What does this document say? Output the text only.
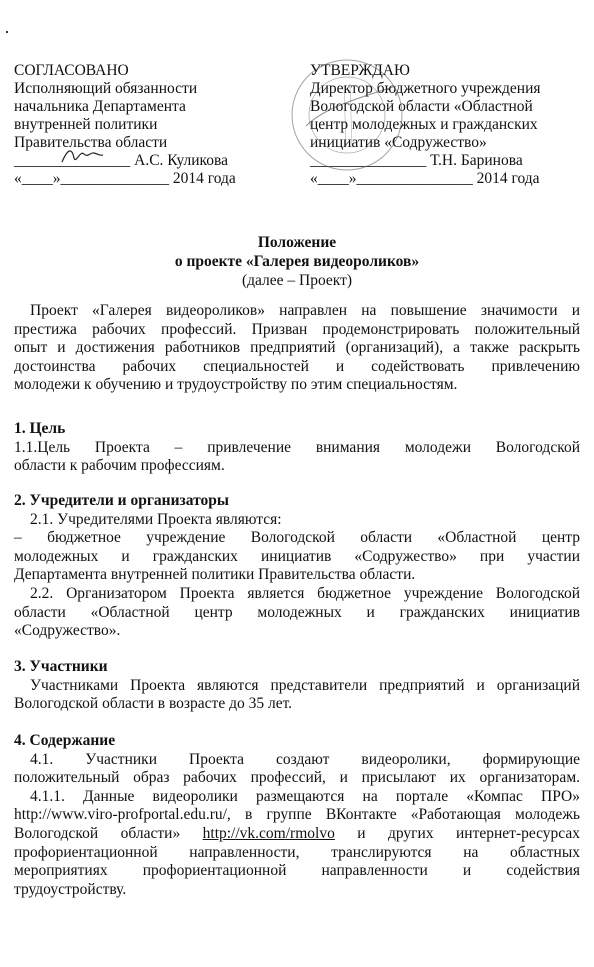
СОГЛАСОВАНО
Исполняющий обязанности
начальника Департамента
внутренней политики
Правительства области
_______________ А.С. Куликова
«____»______________ 2014 года
УТВЕРЖДАЮ
Директор бюджетного учреждения
Вологодской области «Областной
центр молодежных и гражданских
инициатив «Содружество»
_______________ Т.Н. Баринова
«____»_______________ 2014 года
Положение
о проекте «Галерея видеороликов»
(далее – Проект)
Проект «Галерея видеороликов» направлен на повышение значимости и
престижа рабочих профессий. Призван продемонстрировать положительный
опыт и достижения работников предприятий (организаций), а также раскрыть
достоинства рабочих специальностей и содействовать привлечению
молодежи к обучению и трудоустройству по этим специальностям.
1. Цель
1.1.Цель Проекта – привлечение внимания молодежи Вологодской
области к рабочим профессиям.
2. Учредители и организаторы
2.1. Учредителями Проекта являются:
– бюджетное учреждение Вологодской области «Областной центр
молодежных и гражданских инициатив «Содружество» при участии
Департамента внутренней политики Правительства области.
2.2. Организатором Проекта является бюджетное учреждение Вологодской
области «Областной центр молодежных и гражданских инициатив
«Содружество».
3. Участники
Участниками Проекта являются представители предприятий и организаций
Вологодской области в возрасте до 35 лет.
4. Содержание
4.1. Участники Проекта создают видеоролики, формирующие
положительный образ рабочих профессий, и присылают их организаторам.
4.1.1. Данные видеоролики размещаются на портале «Компас ПРО»
http://www.viro-profportal.edu.ru/, в группе ВКонтакте «Работающая молодежь
Вологодской области» http://vk.com/rmolvo и других интернет-ресурсах
профориентационной направленности, транслируются на областных
мероприятиях профориентационной направленности и содействия
трудоустройству.
